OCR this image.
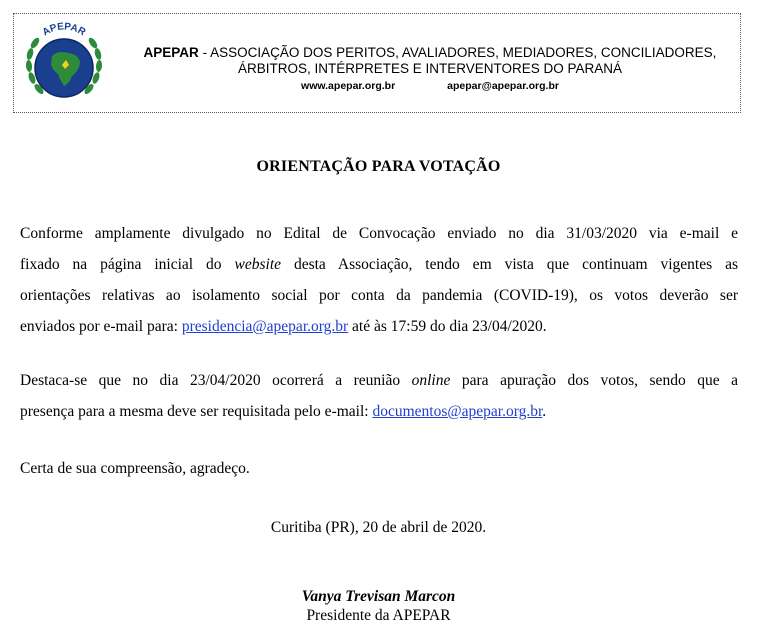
APEPAR
APEPAR - ASSOCIAÇÃO DOS PERITOS, AVALIADORES, MEDIADORES, CONCILIADORES,
ÁRBITROS, INTÉRPRETES E INTERVENTORES DO PARANÁ
www.apepar.org.br	apepar@apepar.org.br
ORIENTAÇÃO PARA VOTAÇÃO
Conforme amplamente divulgado no Edital de Convocação enviado no dia 31/03/2020 via e-mail e
fixado na página inicial do website desta Associação, tendo em vista que continuam vigentes as
orientações relativas ao isolamento social por conta da pandemia (COVID-19), os votos deverão ser
enviados por e-mail para: presidencia@apepar.org.br até às 17:59 do dia 23/04/2020.
Destaca-se que no dia 23/04/2020 ocorrerá a reunião online para apuração dos votos, sendo que a
presença para a mesma deve ser requisitada pelo e-mail: documentos@apepar.org.br.
Certa de sua compreensão, agradeço.
Curitiba (PR), 20 de abril de 2020.
Vanya Trevisan Marcon
Presidente da APEPAR
